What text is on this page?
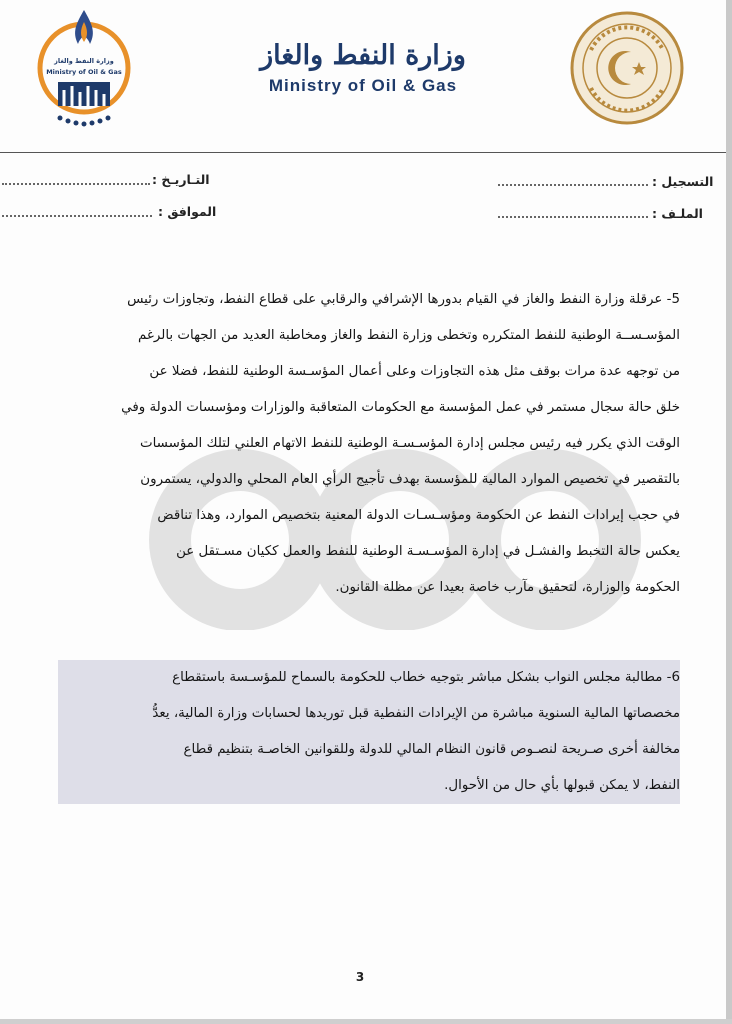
وزارة النفط والغاز
Ministry of Oil & Gas
وزارة النفط والغاز
Ministry of Oil & Gas
التسجيل :
الملـف :
التـاريـخ :
الموافق :
5- عرقلة وزارة النفط والغاز في القيام بدورها الإشرافي والرقابي على قطاع النفط، وتجاوزات رئيس
المؤسـســة الوطنية للنفط المتكرره وتخطى وزارة النفط والغاز ومخاطبة العديد من الجهات بالرغم
من توجهه عدة مرات بوقف مثل هذه التجاوزات وعلى أعمال المؤسـسة الوطنية للنفط، فضلا عن
خلق حالة سجال مستمر في عمل المؤسسة مع الحكومات المتعاقبة والوزارات ومؤسسات الدولة وفي
الوقت الذي يكرر فيه رئيس مجلس إدارة المؤسـسـة الوطنية للنفط الاتهام العلني لتلك المؤسسات
بالتقصير في تخصيص الموارد المالية للمؤسسة بهدف تأجيج الرأي العام المحلي والدولي، يستمرون
في حجب إيرادات النفط عن الحكومة ومؤسـسـات الدولة المعنية بتخصيص الموارد، وهذا تناقض
يعكس حالة التخبط والفشـل في إدارة المؤسـسـة الوطنية للنفط والعمل ككيان مسـتقل عن
الحكومة والوزارة، لتحقيق مآرب خاصة بعيدا عن مظلة القانون.
6- مطالبة مجلس النواب بشكل مباشر بتوجيه خطاب للحكومة بالسماح للمؤسـسة باستقطاع
مخصصاتها المالية السنوية مباشرة من الإيرادات النفطية قبل توريدها لحسابات وزارة المالية، يعدُّ
مخالفة أخرى صـريحة لنصـوص قانون النظام المالي للدولة وللقوانين الخاصـة بتنظيم قطاع
النفط، لا يمكن قبولها بأي حال من الأحوال.
3
